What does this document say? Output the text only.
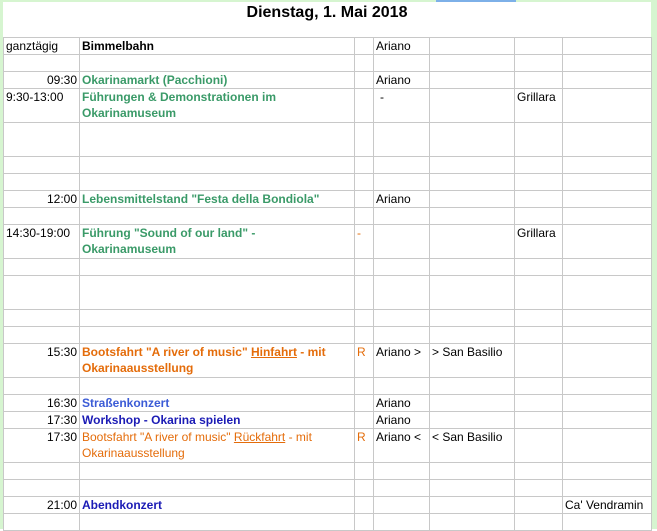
Dienstag, 1. Mai 2018
ganztägig	Bimmelbahn		Ariano			

09:30	Okarinamarkt (Pacchioni)		Ariano			
9:30-13:00	Führungen & Demonstrationen im Okarinamuseum		-		Grillara	

12:00	Lebensmittelstand "Festa della Bondiola"		Ariano			

14:30-19:00	Führung "Sound of our land" - Okarinamuseum	-			Grillara	

15:30	Bootsfahrt "A river of music" Hinfahrt - mit Okarinaausstellung	R	Ariano >	> San Basilio		

16:30	Straßenkonzert		Ariano			
17:30	Workshop - Okarina spielen		Ariano			
17:30	Bootsfahrt "A river of music" Rückfahrt - mit Okarinaausstellung	R	Ariano <	< San Basilio		

21:00	Abendkonzert					Ca' Vendramin
